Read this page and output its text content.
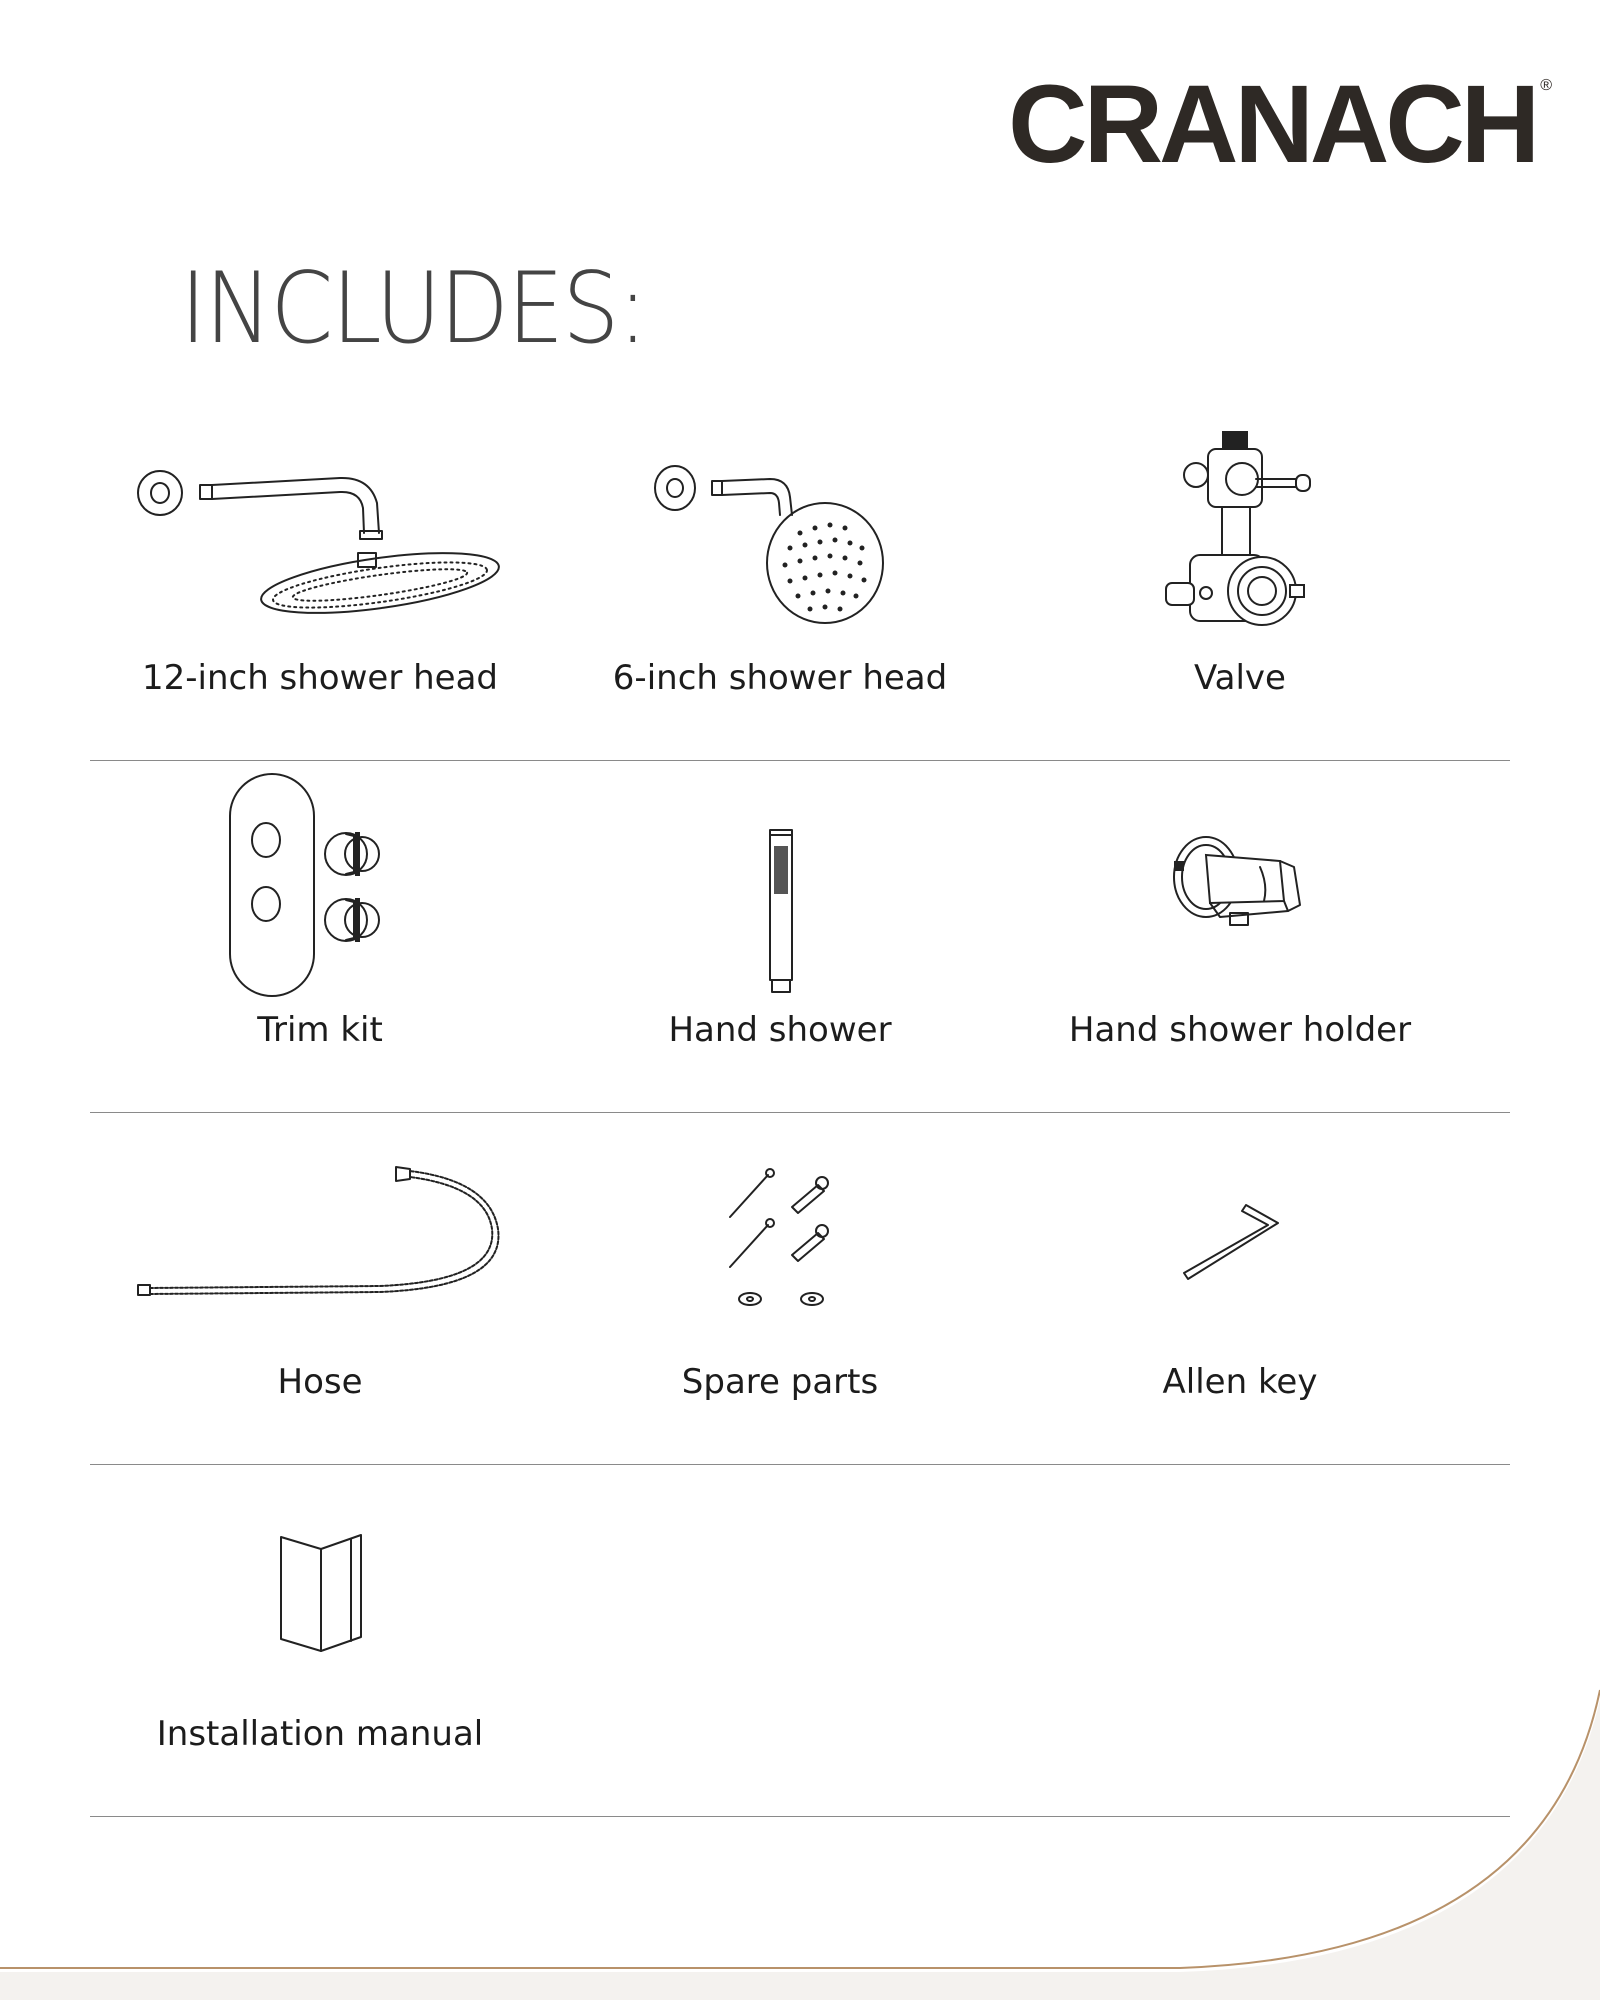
CRANACH ®
INCLUDES:
12-inch shower head	6-inch shower head	Valve
Trim kit	Hand shower	Hand shower holder
Hose	Spare parts	Allen key
Installation manual
